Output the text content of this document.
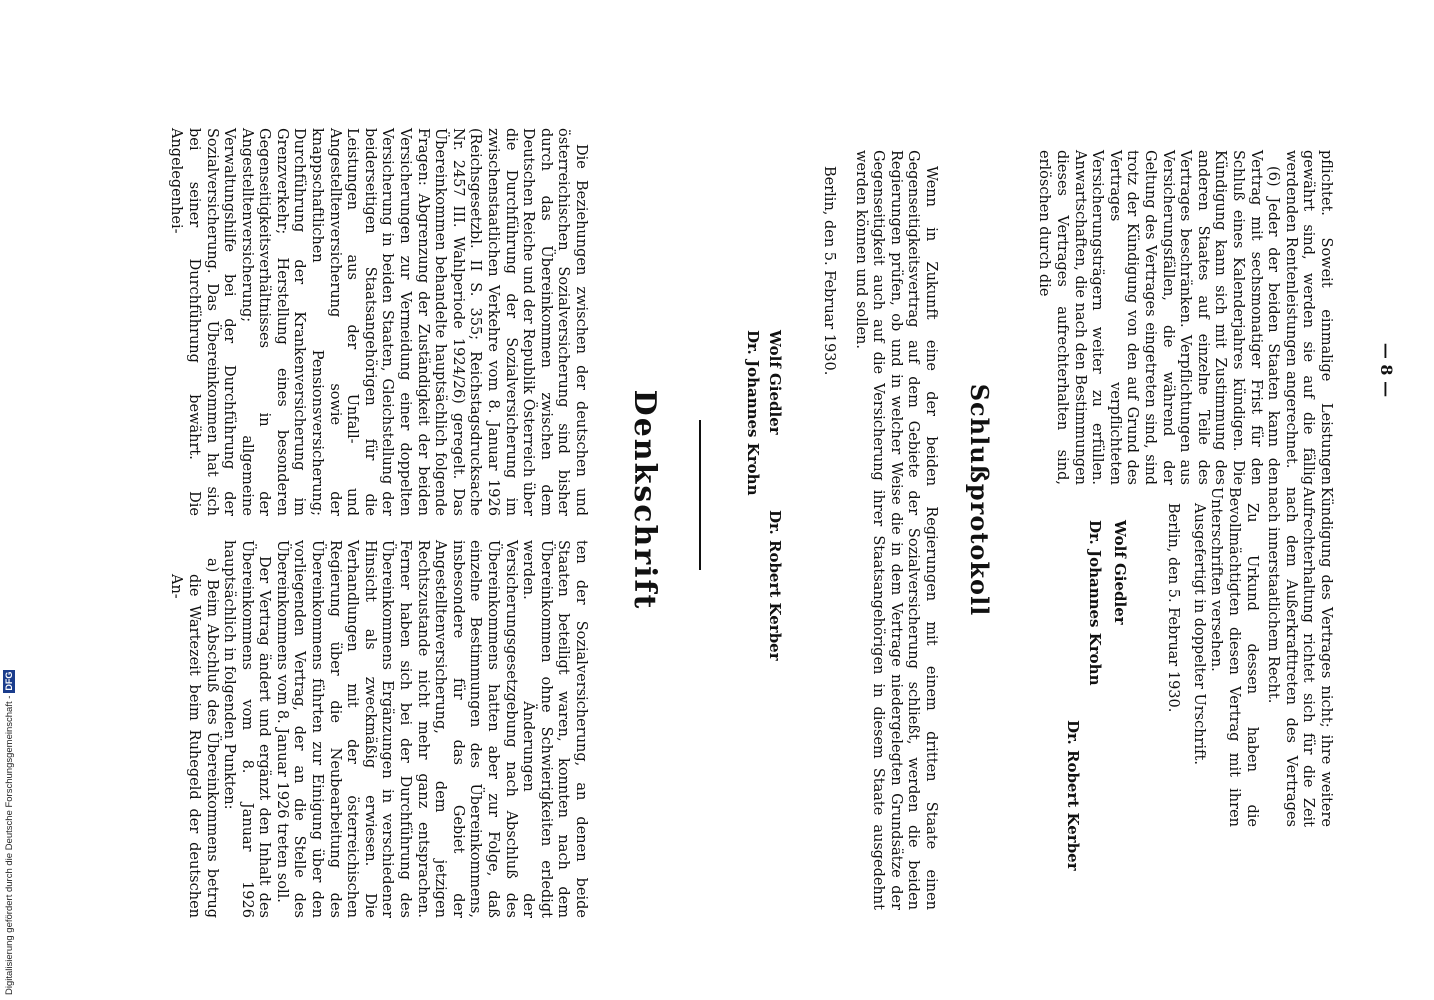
— 8 —

pflichtet. Soweit einmalige Leistungen gewährt sind, werden sie auf die fällig werdenden Rentenleistungen angerechnet.

(6) Jeder der beiden Staaten kann den Vertrag mit sechsmonatiger Frist für den Schluß eines Kalenderjahres kündigen. Die Kündigung kann sich mit Zustimmung des anderen Staates auf einzelne Teile des Vertrages beschränken. Verpflichtungen aus Versicherungsfällen, die während der Geltung des Vertrages eingetreten sind, sind trotz der Kündigung von den auf Grund des Vertrages verpflichteten Versicherungsträgern weiter zu erfüllen. Anwartschaften, die nach den Bestimmungen dieses Vertrages aufrechterhalten sind, erlöschen durch die

Kündigung des Vertrages nicht; ihre weitere Aufrechterhaltung richtet sich für die Zeit nach dem Außerkrafttreten des Vertrages nach innerstaatlichem Recht.

Zu Urkund dessen haben die Bevollmächtigten diesen Vertrag mit ihren Unterschriften versehen.

Ausgefertigt in doppelter Urschrift.

Berlin, den 5. Februar 1930.

Wolf Giedler
Dr. Johannes Krohn
Dr. Robert Kerber
Schlußprotokoll

Wenn in Zukunft eine der beiden Regierungen mit einem dritten Staate einen Gegenseitigkeitsvertrag auf dem Gebiete der Sozialversicherung schließt, werden die beiden Regierungen prüfen, ob und in welcher Weise die in dem Vertrage niedergelegten Grundsätze der Gegenseitigkeit auch auf die Versicherung ihrer Staatsangehörigen in diesem Staate ausgedehnt werden können und sollen.

Berlin, den 5. Februar 1930.

Wolf Giedler
Dr. Johannes Krohn
Dr. Robert Kerber
Denkschrift

Die Beziehungen zwischen der deutschen und österreichischen Sozialversicherung sind bisher durch das Übereinkommen zwischen dem Deutschen Reiche und der Republik Österreich über die Durchführung der Sozialversicherung im zwischenstaatlichen Verkehre vom 8. Januar 1926 (Reichsgesetzbl. II S. 355; Reichstagsdrucksache Nr. 2457 III. Wahlperiode 1924/26) geregelt. Das Übereinkommen behandelte hauptsächlich folgende Fragen: Abgrenzung der Zuständigkeit der beiden Versicherungen zur Vermeidung einer doppelten Versicherung in beiden Staaten, Gleichstellung der beiderseitigen Staatsangehörigen für die Leistungen aus der Unfall- und Angestelltenversicherung sowie der knappschaftlichen Pensionsversicherung; Durchführung der Krankenversicherung im Grenzverkehr; Herstellung eines besonderen Gegenseitigkeitsverhältnisses in der Angestelltenversicherung; allgemeine Verwaltungshilfe bei der Durchführung der Sozialversicherung. Das Übereinkommen hat sich bei seiner Durchführung bewährt. Die Angelegenhei-

ten der Sozialversicherung, an denen beide Staaten beteiligt waren, konnten nach dem Übereinkommen ohne Schwierigkeiten erledigt werden. Änderungen der Versicherungsgesetzgebung nach Abschluß des Übereinkommens hatten aber zur Folge, daß einzelne Bestimmungen des Übereinkommens, insbesondere für das Gebiet der Angestelltenversicherung, dem jetzigen Rechtszustande nicht mehr ganz entsprachen. Ferner haben sich bei der Durchführung des Übereinkommens Ergänzungen in verschiedener Hinsicht als zweckmäßig erwiesen. Die Verhandlungen mit der österreichischen Regierung über die Neubearbeitung des Übereinkommens führten zur Einigung über den vorliegenden Vertrag, der an die Stelle des Übereinkommens vom 8. Januar 1926 treten soll.

Der Vertrag ändert und ergänzt den Inhalt des Übereinkommens vom 8. Januar 1926 hauptsächlich in folgenden Punkten:

a) Beim Abschluß des Übereinkommens betrug die Wartezeit beim Ruhegeld der deutschen An-

Digitalisierung gefördert durch die Deutsche Forschungsgemeinschaft -DFG
